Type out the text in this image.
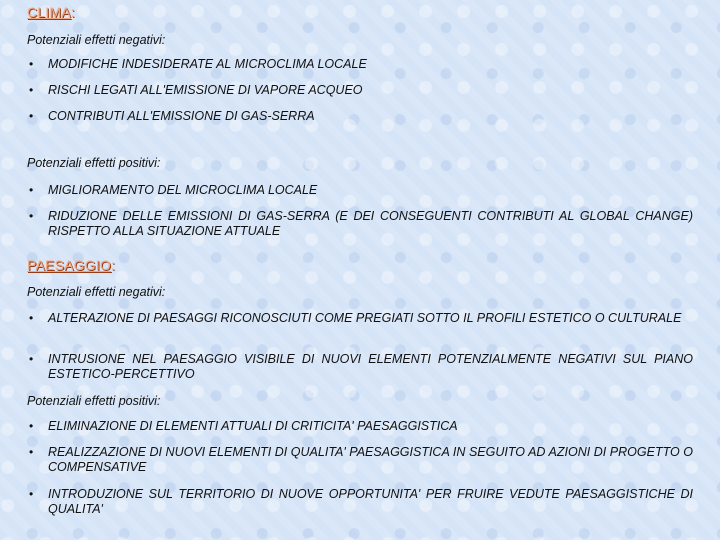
CLIMA:
Potenziali effetti negativi:
• MODIFICHE INDESIDERATE AL MICROCLIMA LOCALE
• RISCHI LEGATI ALL'EMISSIONE DI VAPORE ACQUEO
• CONTRIBUTI ALL'EMISSIONE DI GAS-SERRA
Potenziali effetti positivi:
• MIGLIORAMENTO DEL MICROCLIMA LOCALE
• RIDUZIONE DELLE EMISSIONI DI GAS-SERRA (E DEI CONSEGUENTI CONTRIBUTI AL GLOBAL CHANGE) RISPETTO ALLA SITUAZIONE ATTUALE
PAESAGGIO:
Potenziali effetti negativi:
• ALTERAZIONE DI PAESAGGI RICONOSCIUTI COME PREGIATI SOTTO IL PROFILI ESTETICO O CULTURALE
• INTRUSIONE NEL PAESAGGIO VISIBILE DI NUOVI ELEMENTI POTENZIALMENTE NEGATIVI SUL PIANO ESTETICO-PERCETTIVO
Potenziali effetti positivi:
• ELIMINAZIONE DI ELEMENTI ATTUALI DI CRITICITA' PAESAGGISTICA
• REALIZZAZIONE DI NUOVI ELEMENTI DI QUALITA' PAESAGGISTICA IN SEGUITO AD AZIONI DI PROGETTO O COMPENSATIVE
• INTRODUZIONE SUL TERRITORIO DI NUOVE OPPORTUNITA' PER FRUIRE VEDUTE PAESAGGISTICHE DI QUALITA'
